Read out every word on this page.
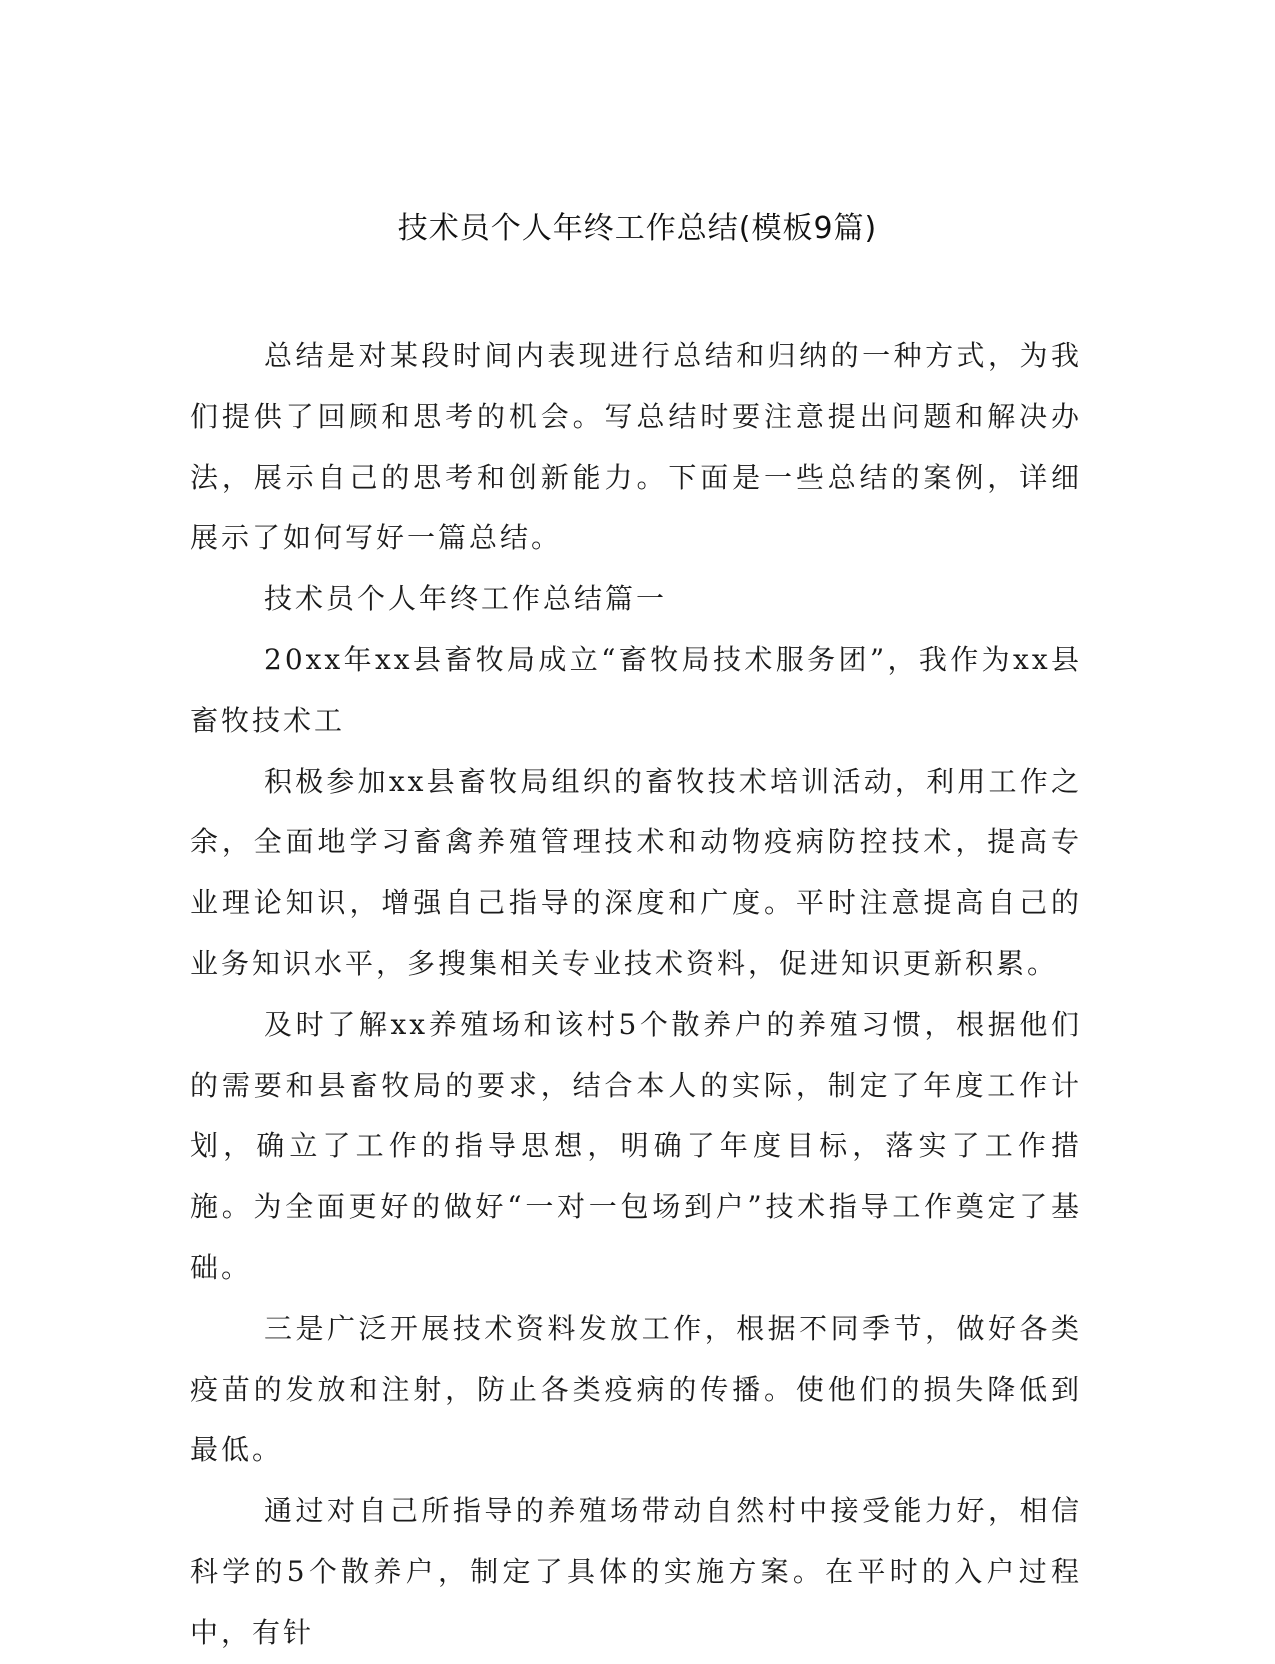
技术员个人年终工作总结(模板9篇)

总结是对某段时间内表现进行总结和归纳的一种方式，为我们提供了回顾和思考的机会。写总结时要注意提出问题和解决办法，展示自己的思考和创新能力。下面是一些总结的案例，详细展示了如何写好一篇总结。

技术员个人年终工作总结篇一

20xx年xx县畜牧局成立“畜牧局技术服务团”，我作为xx县畜牧技术工

积极参加xx县畜牧局组织的畜牧技术培训活动，利用工作之余，全面地学习畜禽养殖管理技术和动物疫病防控技术，提高专业理论知识，增强自己指导的深度和广度。平时注意提高自己的业务知识水平，多搜集相关专业技术资料，促进知识更新积累。

及时了解xx养殖场和该村5个散养户的养殖习惯，根据他们的需要和县畜牧局的要求，结合本人的实际，制定了年度工作计划，确立了工作的指导思想，明确了年度目标，落实了工作措施。为全面更好的做好“一对一包场到户”技术指导工作奠定了基础。

三是广泛开展技术资料发放工作，根据不同季节，做好各类疫苗的发放和注射，防止各类疫病的传播。使他们的损失降低到最低。

通过对自己所指导的养殖场带动自然村中接受能力好，相信科学的5个散养户，制定了具体的实施方案。在平时的入户过程中，有针
